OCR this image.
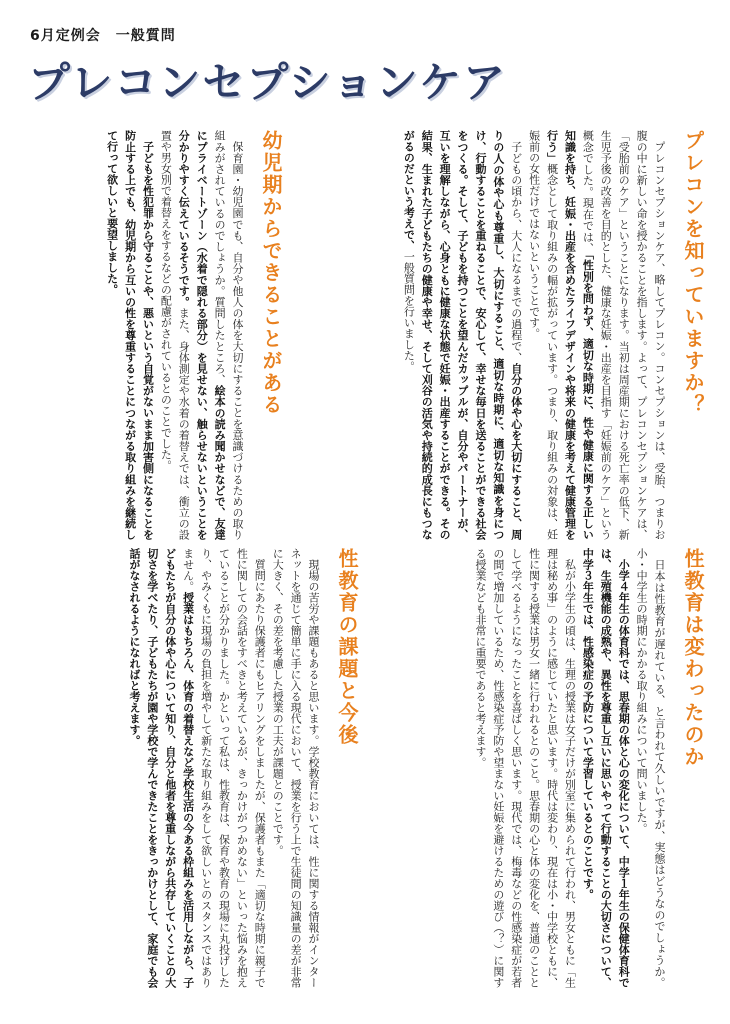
6月定例会　一般質問
プレコンセプションケア
プレコンを知っていますか？

プレコンセプションケア、略してプレコン。コンセプションは、受胎、つまりお腹の中に新しい命を授かることを指します。よって、プレコンセプションケアは、「受胎前のケア」ということになります。当初は周産期における死亡率の低下、新生児予後の改善を目的とした、健康な妊娠・出産を目指す「妊娠前のケア」という概念でした。現在では、「性別を問わず、適切な時期に、性や健康に関する正しい知識を持ち、妊娠・出産を含めたライフデザインや将来の健康を考えて健康管理を行う」概念として取り組みの幅が拡がっています。つまり、取り組みの対象は、妊娠前の女性だけではないということです。

子どもの頃から、大人になるまでの過程で、自分の体や心を大切にすること、周りの人の体や心も尊重し、大切にすること、適切な時期に、適切な知識を身につけ、行動することを重ねることで、安心して、幸せな毎日を送ることができる社会をつくる。そして、子どもを持つことを望んだカップルが、自分やパートナーが、互いを理解しながら、心身ともに健康な状態で妊娠・出産することができる。その結果、生まれた子どもたちの健康や幸せ、そして刈谷の活気や持続的成長にもつながるのだという考えで、一般質問を行いました。

幼児期からできることがある

保育園・幼児園でも、自分や他人の体を大切にすることを意識づけるための取り組みがされているのでしょうか。質問したところ、絵本の読み聞かせなどで、友達にプライベートゾーン（水着で隠れる部分）を見せない、触らせないということを分かりやすく伝えているそうです。また、身体測定や水着の着替えでは、衝立の設置や男女別で着替えをするなどの配慮がされているとのことでした。

子どもを性犯罪から守ることや、悪いという自覚がないまま加害側になることを防止する上でも、幼児期から互いの性を尊重することにつながる取り組みを継続して行って欲しいと要望しました。

性教育は変わったのか

日本は性教育が遅れている、と言われて久しいですが、実態はどうなのでしょうか。小・中学生の時期にかかる取り組みについて問いました。

小学４年生の体育科では、思春期の体と心の変化について、中学１年生の保健体育科では、生殖機能の成熟や、異性を尊重し互いに思いやって行動することの大切さについて、中学３年生では、性感染症の予防について学習しているとのことです。

私が小学生の頃は、生理の授業は女子だけが別室に集められて行われ、男女ともに「生理は秘め事」のように感じていたと思います。時代は変わり、現在は小・中学校ともに、性に関する授業は男女一緒に行われるとのこと。思春期の心と体の変化を、普通のこととして学べるようになったことを喜ばしく思います。現代では、梅毒などの性感染症が若者の間で増加しているため、性感染症予防や望まない妊娠を避けるための遊び（？）に関する授業なども非常に重要であると考えます。

性教育の課題と今後

現場の苦労や課題もあると思います。学校教育においては、性に関する情報がインターネットを通じて簡単に手に入る現代において、授業を行う上で生徒間の知識量の差が非常に大きく、その差を考慮した授業の工夫が課題とのことです。

質問にあたり保護者にもヒアリングをしましたが、保護者もまた「適切な時期に親子で性に関しての会話をすべきと考えているが、きっかけがつかめない」といった悩みを抱えていることが分かりました。かといって私は、性教育は、保育や教育の現場に丸投げしたり、やみくもに現場の負担を増やして新たな取り組みをして欲しいとのスタンスではありません。授業はもちろん、体育の着替えなど学校生活の今ある枠組みを活用しながら、子どもたちが自分の体や心について知り、自分と他者を尊重しながら共存していくことの大切さを学べたり、子どもたちが園や学校で学んできたことをきっかけとして、家庭でも会話がなされるようになればと考えます。
